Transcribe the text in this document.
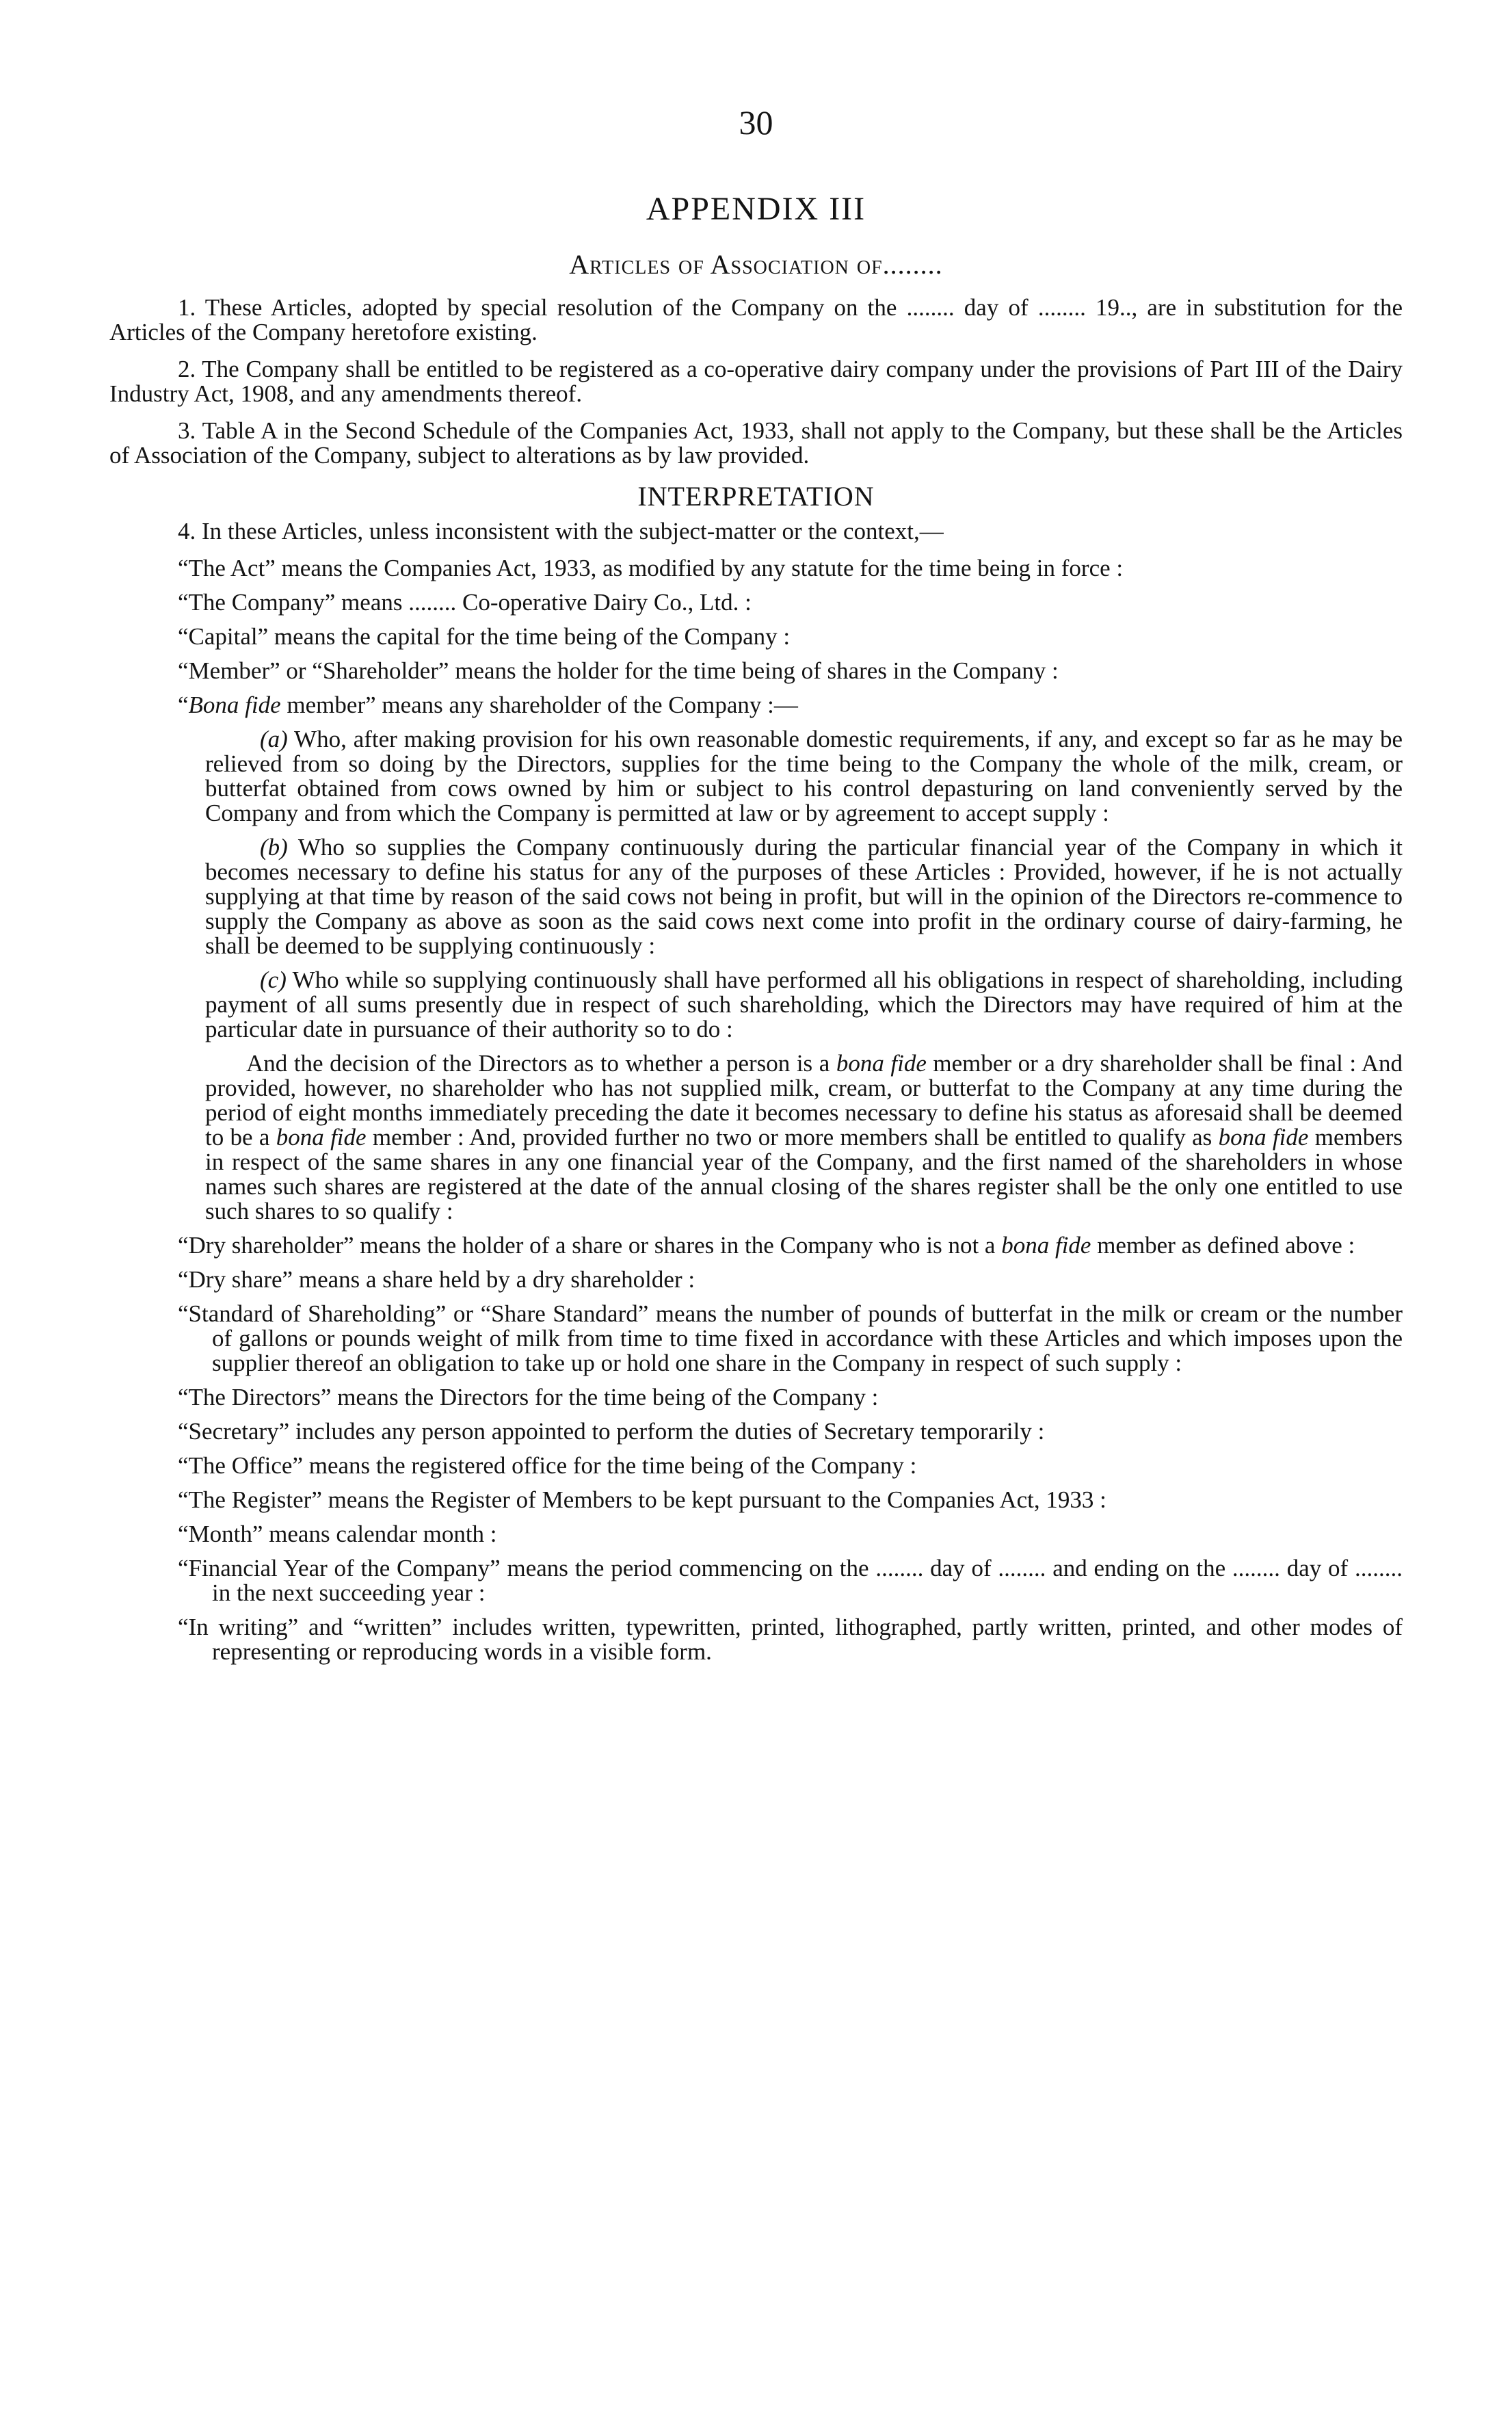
30
APPENDIX III
Articles of Association of........

1. These Articles, adopted by special resolution of the Company on the ........ day of ........ 19.., are in substitution for the Articles of the Company heretofore existing.

2. The Company shall be entitled to be registered as a co-operative dairy company under the provisions of Part III of the Dairy Industry Act, 1908, and any amendments thereof.

3. Table A in the Second Schedule of the Companies Act, 1933, shall not apply to the Company, but these shall be the Articles of Association of the Company, subject to alterations as by law provided.

INTERPRETATION

4. In these Articles, unless inconsistent with the subject-matter or the context,—

“The Act” means the Companies Act, 1933, as modified by any statute for the time being in force :

“The Company” means ........ Co-operative Dairy Co., Ltd. :

“Capital” means the capital for the time being of the Company :

“Member” or “Shareholder” means the holder for the time being of shares in the Company :

“Bona fide member” means any shareholder of the Company :—

(a) Who, after making provision for his own reasonable domestic requirements, if any, and except so far as he may be relieved from so doing by the Directors, supplies for the time being to the Company the whole of the milk, cream, or butterfat obtained from cows owned by him or subject to his control depasturing on land conveniently served by the Company and from which the Company is permitted at law or by agreement to accept supply :

(b) Who so supplies the Company continuously during the particular financial year of the Company in which it becomes necessary to define his status for any of the purposes of these Articles : Provided, however, if he is not actually supplying at that time by reason of the said cows not being in profit, but will in the opinion of the Directors re-commence to supply the Company as above as soon as the said cows next come into profit in the ordinary course of dairy-farming, he shall be deemed to be supplying continuously :

(c) Who while so supplying continuously shall have performed all his obligations in respect of shareholding, including payment of all sums presently due in respect of such shareholding, which the Directors may have required of him at the particular date in pursuance of their authority so to do :

And the decision of the Directors as to whether a person is a bona fide member or a dry shareholder shall be final : And provided, however, no shareholder who has not supplied milk, cream, or butterfat to the Company at any time during the period of eight months immediately preceding the date it becomes necessary to define his status as aforesaid shall be deemed to be a bona fide member : And, provided further no two or more members shall be entitled to qualify as bona fide members in respect of the same shares in any one financial year of the Company, and the first named of the shareholders in whose names such shares are registered at the date of the annual closing of the shares register shall be the only one entitled to use such shares to so qualify :

“Dry shareholder” means the holder of a share or shares in the Company who is not a bona fide member as defined above :

“Dry share” means a share held by a dry shareholder :

“Standard of Shareholding” or “Share Standard” means the number of pounds of butterfat in the milk or cream or the number of gallons or pounds weight of milk from time to time fixed in accordance with these Articles and which imposes upon the supplier thereof an obligation to take up or hold one share in the Company in respect of such supply :

“The Directors” means the Directors for the time being of the Company :

“Secretary” includes any person appointed to perform the duties of Secretary temporarily :

“The Office” means the registered office for the time being of the Company :

“The Register” means the Register of Members to be kept pursuant to the Companies Act, 1933 :

“Month” means calendar month :

“Financial Year of the Company” means the period commencing on the ........ day of ........ and ending on the ........ day of ........ in the next succeeding year :

“In writing” and “written” includes written, typewritten, printed, lithographed, partly written, printed, and other modes of representing or reproducing words in a visible form.
